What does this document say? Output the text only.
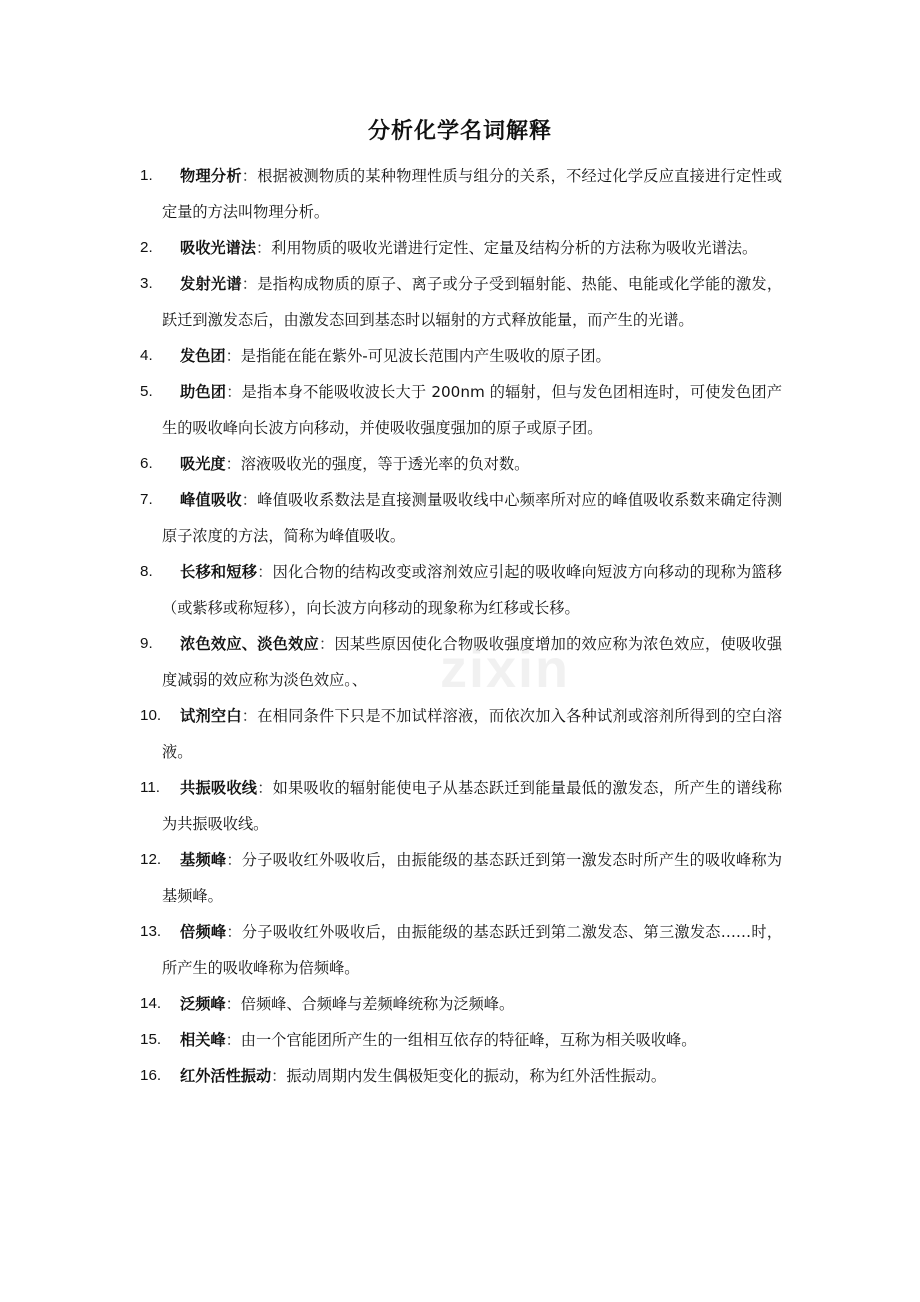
分析化学名词解释
1.	物理分析：根据被测物质的某种物理性质与组分的关系，不经过化学反应直接进行定性或定量的方法叫物理分析。
2.	吸收光谱法：利用物质的吸收光谱进行定性、定量及结构分析的方法称为吸收光谱法。
3.	发射光谱：是指构成物质的原子、离子或分子受到辐射能、热能、电能或化学能的激发，跃迁到激发态后，由激发态回到基态时以辐射的方式释放能量，而产生的光谱。
4.	发色团：是指能在能在紫外-可见波长范围内产生吸收的原子团。
5.	助色团：是指本身不能吸收波长大于 200nm 的辐射，但与发色团相连时，可使发色团产生的吸收峰向长波方向移动，并使吸收强度强加的原子或原子团。
6.	吸光度：溶液吸收光的强度，等于透光率的负对数。
7.	峰值吸收：峰值吸收系数法是直接测量吸收线中心频率所对应的峰值吸收系数来确定待测原子浓度的方法，简称为峰值吸收。
8.	长移和短移：因化合物的结构改变或溶剂效应引起的吸收峰向短波方向移动的现称为篮移（或紫移或称短移），向长波方向移动的现象称为红移或长移。
9.	浓色效应、淡色效应：因某些原因使化合物吸收强度增加的效应称为浓色效应，使吸收强度减弱的效应称为淡色效应。、
10.	试剂空白：在相同条件下只是不加试样溶液，而依次加入各种试剂或溶剂所得到的空白溶液。
11.	共振吸收线：如果吸收的辐射能使电子从基态跃迁到能量最低的激发态，所产生的谱线称为共振吸收线。
12.	基频峰：分子吸收红外吸收后，由振能级的基态跃迁到第一激发态时所产生的吸收峰称为基频峰。
13.	倍频峰：分子吸收红外吸收后，由振能级的基态跃迁到第二激发态、第三激发态……时，所产生的吸收峰称为倍频峰。
14.	泛频峰：倍频峰、合频峰与差频峰统称为泛频峰。
15.	相关峰：由一个官能团所产生的一组相互依存的特征峰，互称为相关吸收峰。
16.	红外活性振动：振动周期内发生偶极矩变化的振动，称为红外活性振动。
zixin
